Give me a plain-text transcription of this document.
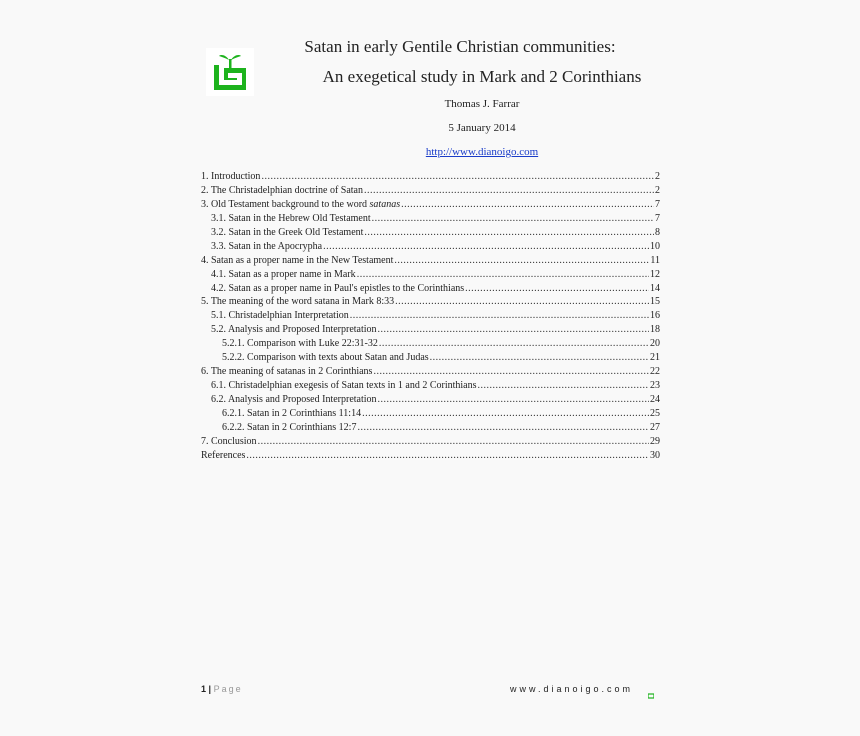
Satan in early Gentile Christian communities:
An exegetical study in Mark and 2 Corinthians
Thomas J. Farrar
5 January 2014
http://www.dianoigo.com
1. Introduction .....	2
2. The Christadelphian doctrine of Satan .....	2
3. Old Testament background to the word satanas .....	7
3.1. Satan in the Hebrew Old Testament .....	7
3.2. Satan in the Greek Old Testament .....	8
3.3. Satan in the Apocrypha .....	10
4. Satan as a proper name in the New Testament .....	11
4.1. Satan as a proper name in Mark .....	12
4.2. Satan as a proper name in Paul's epistles to the Corinthians .....	14
5. The meaning of the word satana in Mark 8:33 .....	15
5.1. Christadelphian Interpretation .....	16
5.2. Analysis and Proposed Interpretation .....	18
5.2.1. Comparison with Luke 22:31-32 .....	20
5.2.2. Comparison with texts about Satan and Judas .....	21
6. The meaning of satanas in 2 Corinthians .....	22
6.1. Christadelphian exegesis of Satan texts in 1 and 2 Corinthians .....	23
6.2. Analysis and Proposed Interpretation .....	24
6.2.1. Satan in 2 Corinthians 11:14 .....	25
6.2.2. Satan in 2 Corinthians 12:7 .....	27
7. Conclusion .....	29
References .....	30
1 | Page	www.dianoigo.com
